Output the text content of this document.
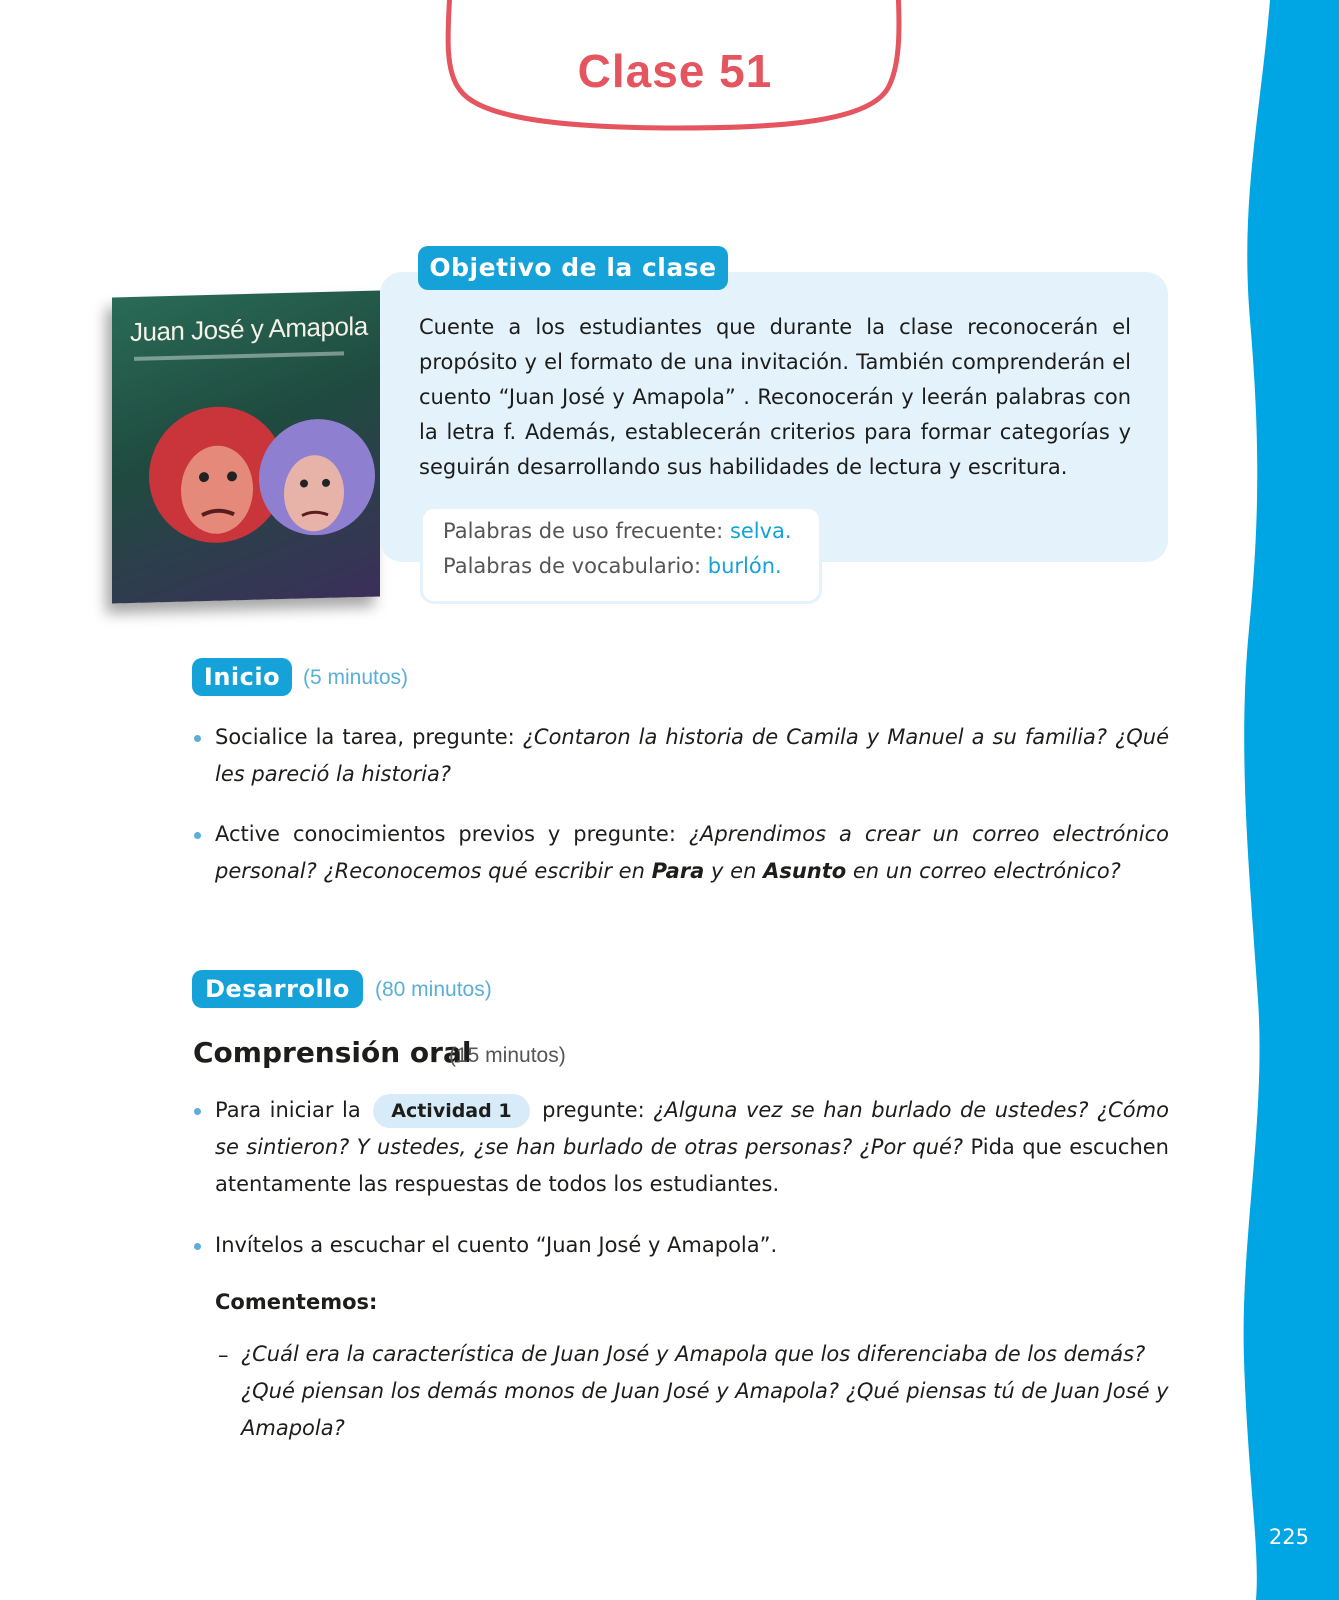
225
Clase 51
Juan José y Amapola
Objetivo de la clase
Cuente a los estudiantes que durante la clase reconocerán el propósito y el formato de una invitación. También comprenderán el cuento “Juan José y Amapola” . Reconocerán y leerán palabras con la letra f. Además, establecerán criterios para formar categorías y seguirán desarrollando sus habilidades de lectura y escritura.
Palabras de uso frecuente: selva.
Palabras de vocabulario: burlón.
Inicio	(5 minutos)
Socialice la tarea, pregunte: ¿Contaron la historia de Camila y Manuel a su familia? ¿Qué les pareció la historia?
Active conocimientos previos y pregunte: ¿Aprendimos a crear un correo electrónico personal? ¿Reconocemos qué escribir en Para y en Asunto en un correo electrónico?
Desarrollo	(80 minutos)
Comprensión oral
(15 minutos)
Para iniciar la Actividad 1 pregunte: ¿Alguna vez se han burlado de ustedes? ¿Cómo se sintieron? Y ustedes, ¿se han burlado de otras personas? ¿Por qué? Pida que escuchen atentamente las respuestas de todos los estudiantes.
Invítelos a escuchar el cuento “Juan José y Amapola”.
Comentemos:
– ¿Cuál era la característica de Juan José y Amapola que los diferenciaba de los demás? ¿Qué piensan los demás monos de Juan José y Amapola? ¿Qué piensas tú de Juan José y Amapola?
